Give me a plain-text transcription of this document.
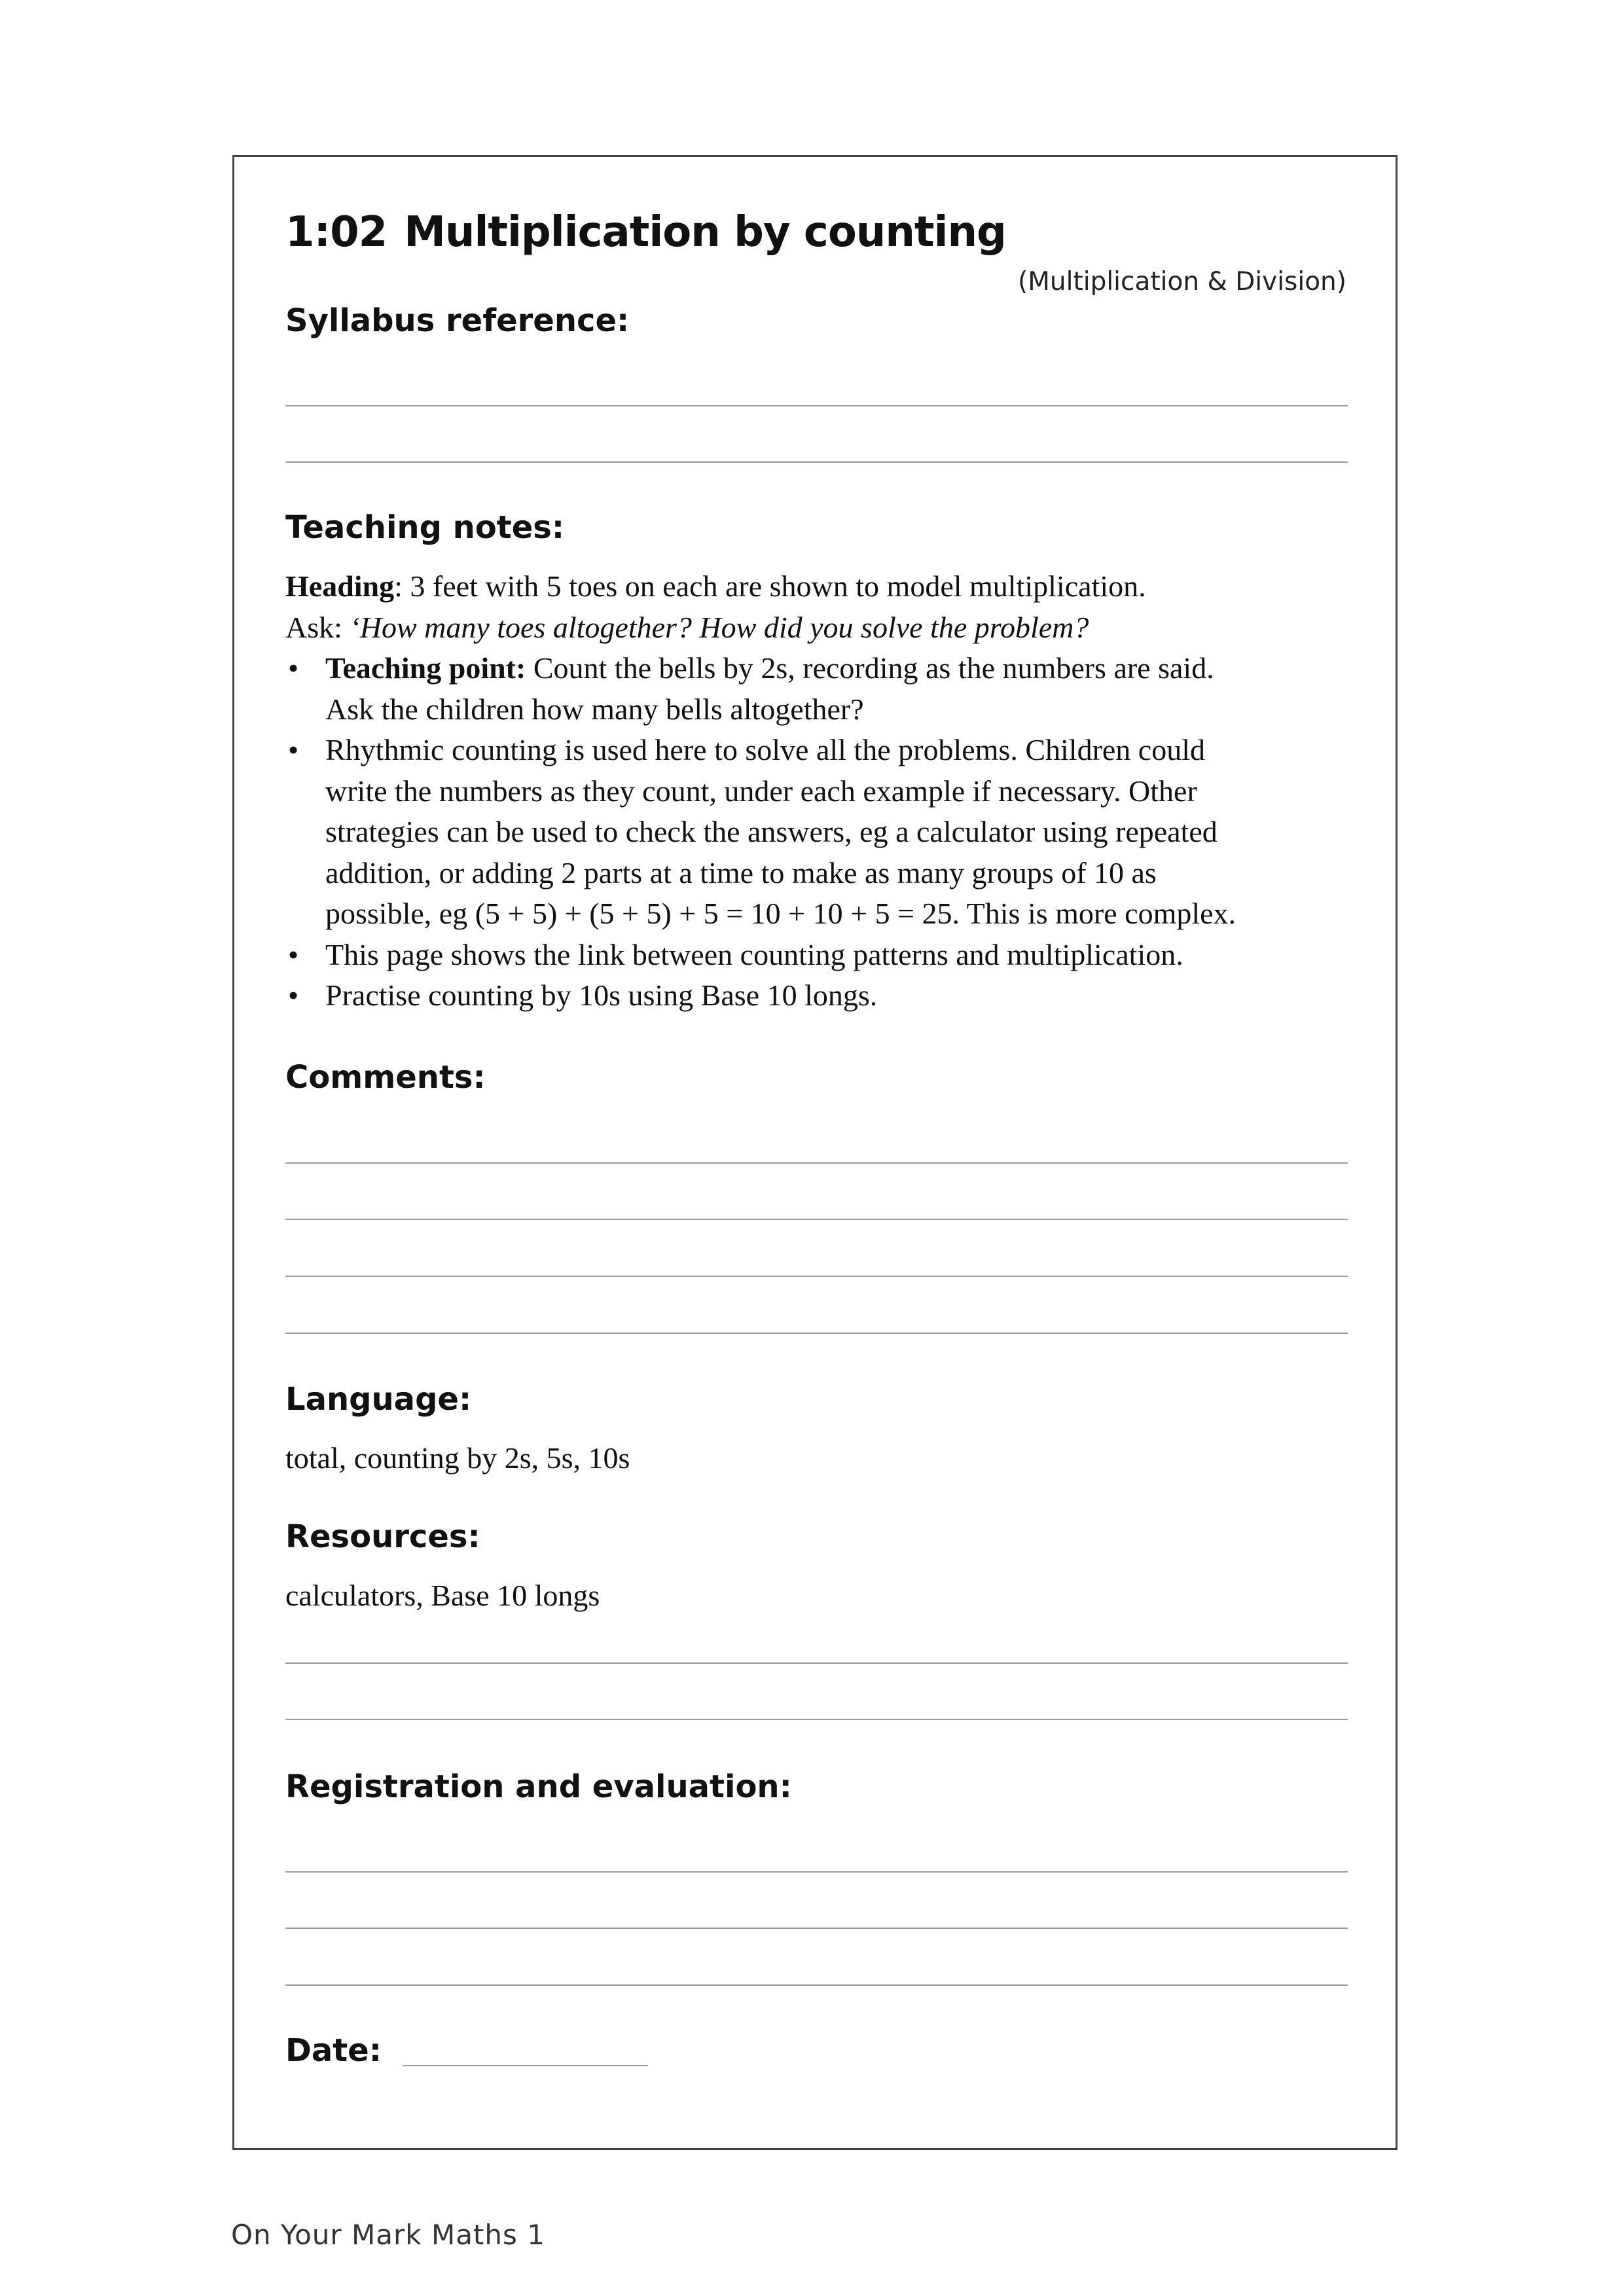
1:02 Multiplication by counting
(Multiplication & Division)
Syllabus reference:
Teaching notes:

Heading: 3 feet with 5 toes on each are shown to model multiplication.

Ask: ‘How many toes altogether? How did you solve the problem?

• Teaching point: Count the bells by 2s, recording as the numbers are said.
Ask the children how many bells altogether?
• Rhythmic counting is used here to solve all the problems. Children could
write the numbers as they count, under each example if necessary. Other
strategies can be used to check the answers, eg a calculator using repeated
addition, or adding 2 parts at a time to make as many groups of 10 as
possible, eg (5 + 5) + (5 + 5) + 5 = 10 + 10 + 5 = 25. This is more complex.
• This page shows the link between counting patterns and multiplication.
• Practise counting by 10s using Base 10 longs.
Comments:
Language:

total, counting by 2s, 5s, 10s

Resources:

calculators, Base 10 longs

Registration and evaluation:
Date:
On Your Mark Maths 1
